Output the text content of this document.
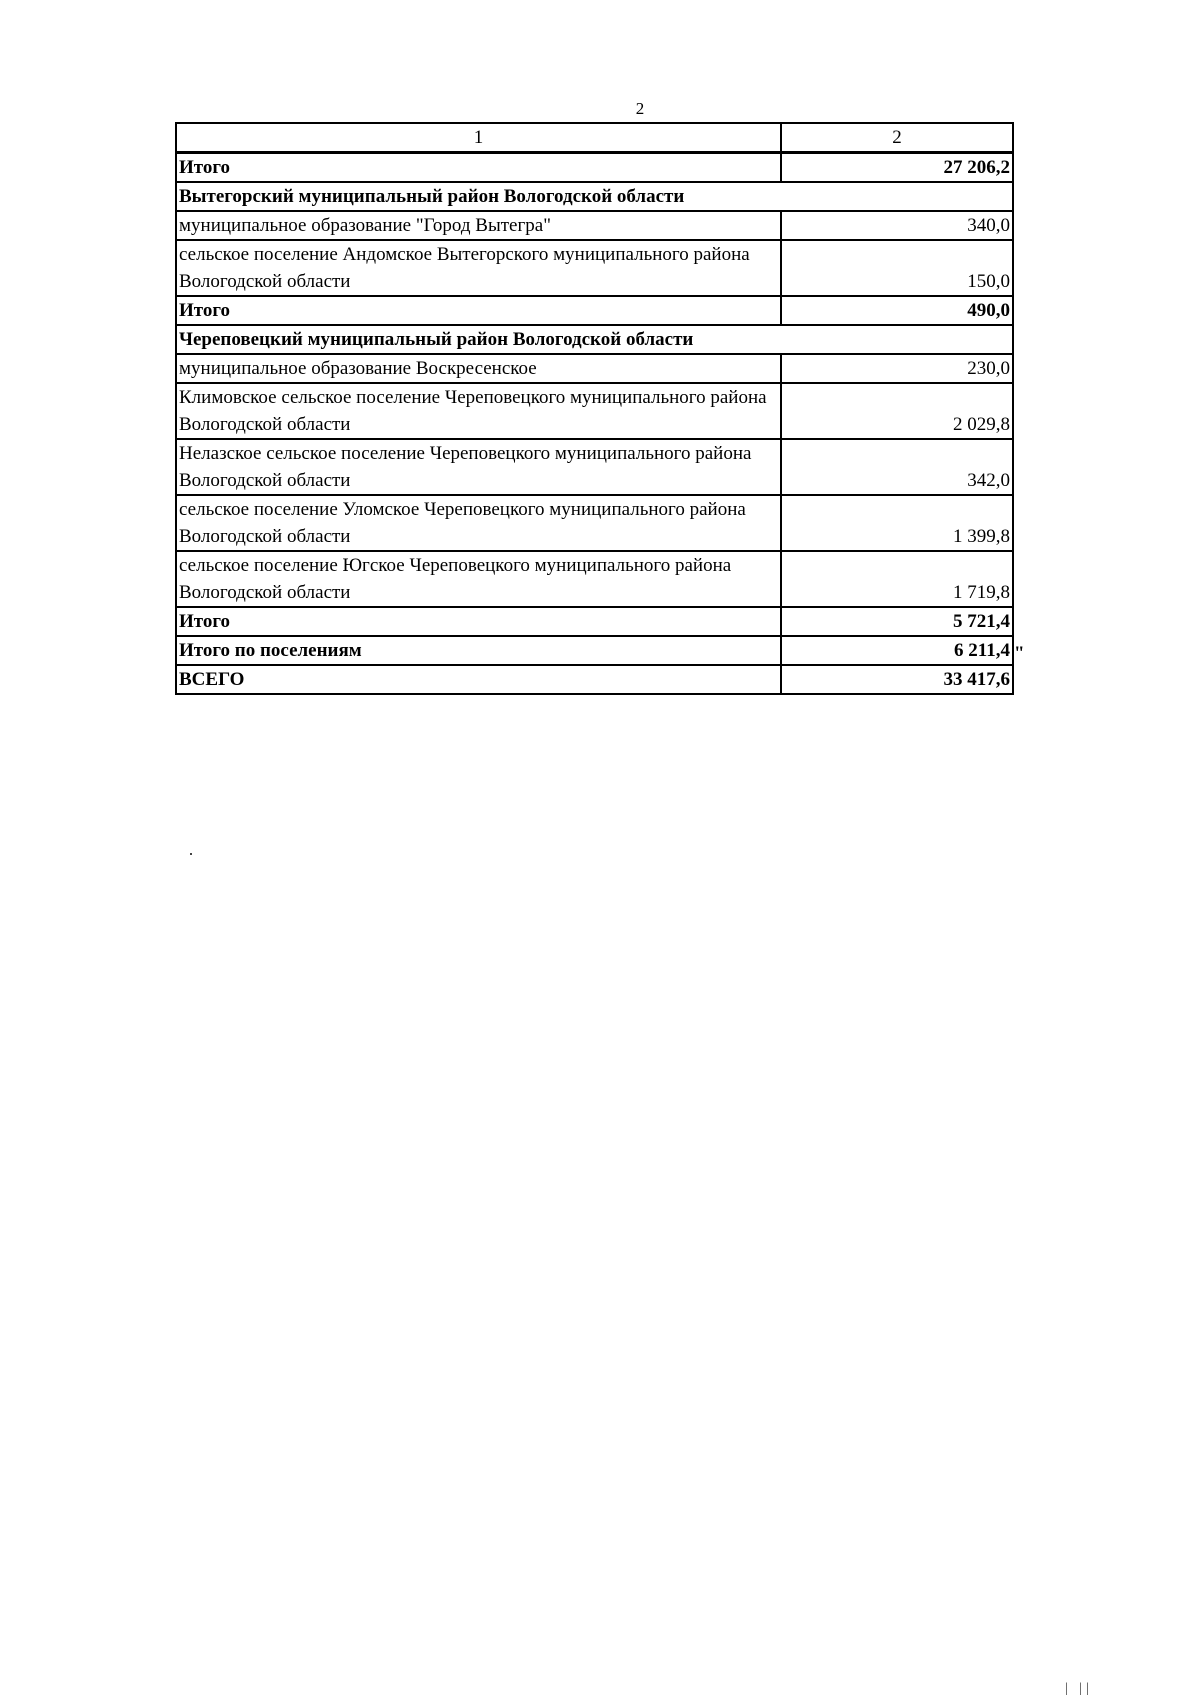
2
1	2
Итого	27 206,2
Вытегорский муниципальный район Вологодской области	
муниципальное образование "Город Вытегра"	340,0
сельское поселение Андомское Вытегорского муниципального района Вологодской области	150,0
Итого	490,0
Череповецкий муниципальный район Вологодской области	
муниципальное образование Воскресенское	230,0
Климовское сельское поселение Череповецкого муниципального района Вологодской области	2 029,8
Нелазское сельское поселение Череповецкого муниципального района Вологодской области	342,0
сельское поселение Уломское Череповецкого муниципального района Вологодской области	1 399,8
сельское поселение Югское Череповецкого муниципального района Вологодской области	1 719,8
Итого	5 721,4
Итого по поселениям	6 211,4
ВСЕГО	33 417,6
"
| ||
